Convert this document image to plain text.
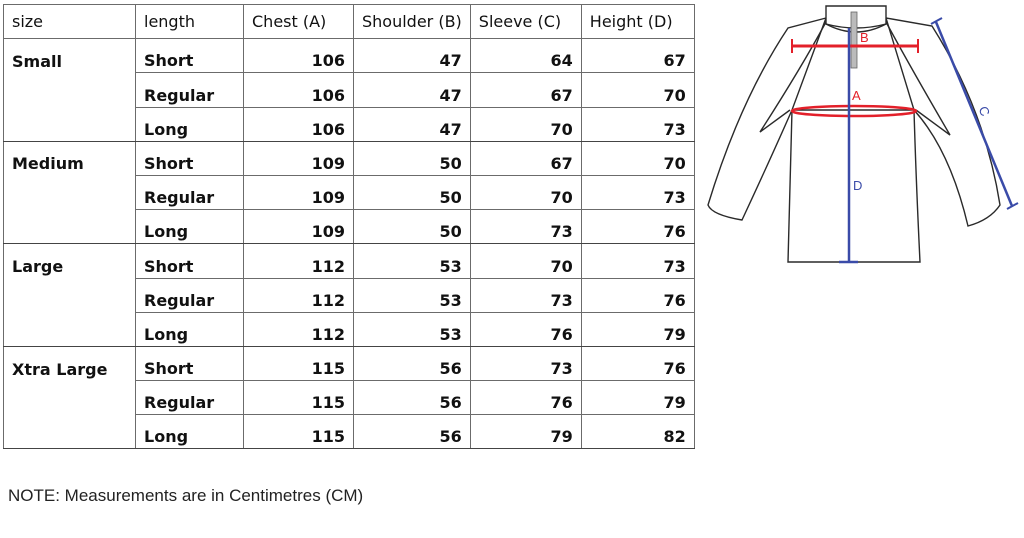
size	length	Chest (A)	Shoulder (B)	Sleeve (C)	Height (D)
Small	Short	106	47	64	67
	Regular	106	47	67	70
	Long	106	47	70	73
Medium	Short	109	50	67	70
	Regular	109	50	70	73
	Long	109	50	73	76
Large	Short	112	53	70	73
	Regular	112	53	73	76
	Long	112	53	76	79
Xtra Large	Short	115	56	73	76
	Regular	115	56	76	79
	Long	115	56	79	82
NOTE: Measurements are in Centimetres (CM)
B
A
D
C
